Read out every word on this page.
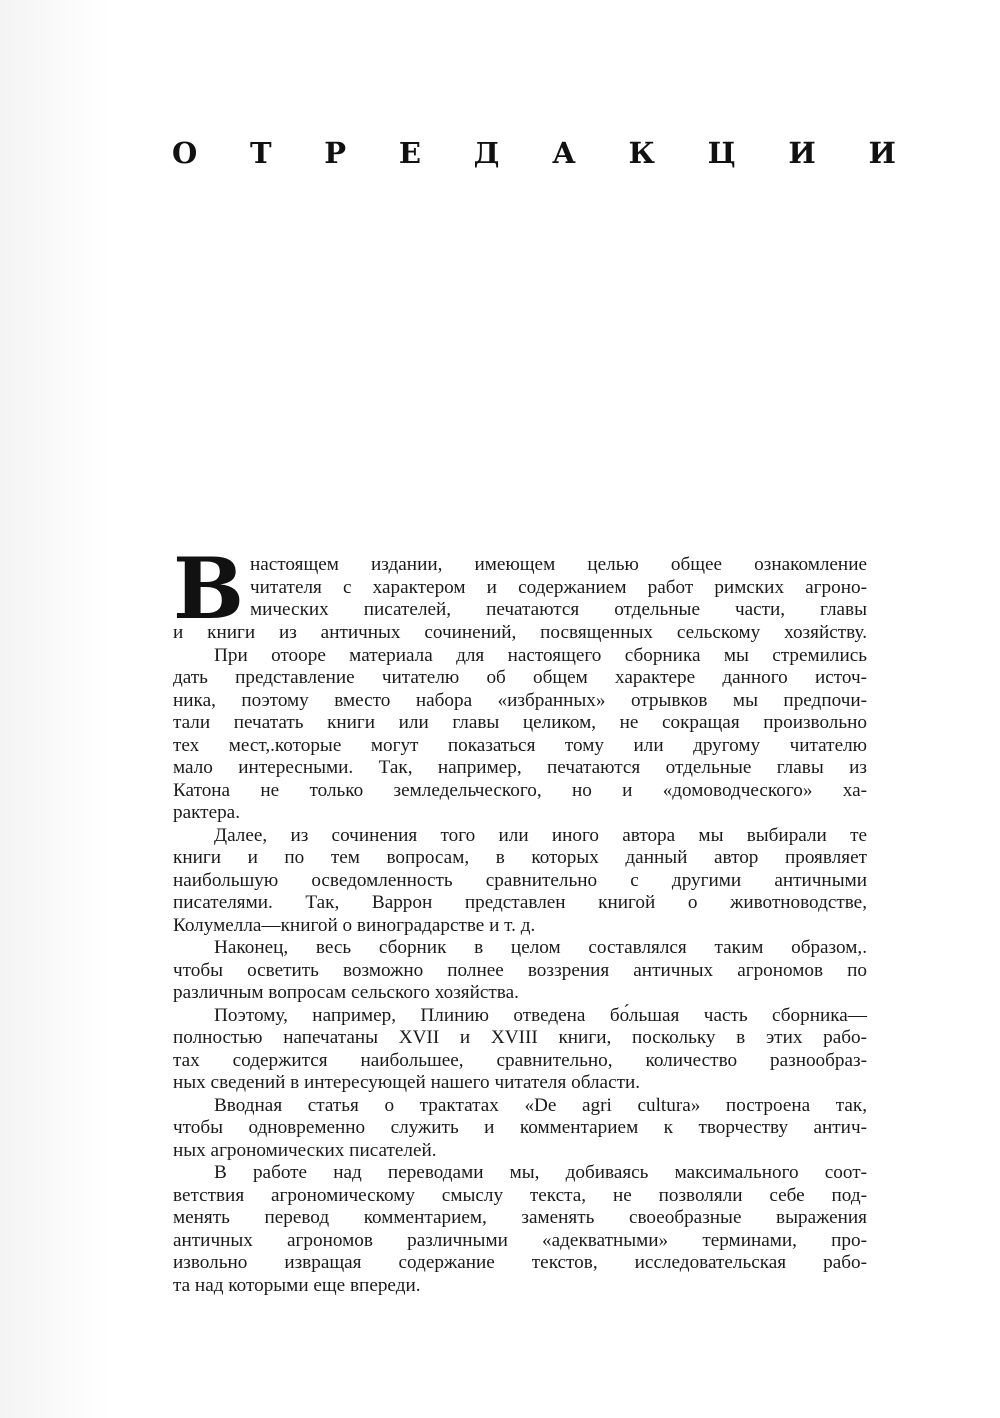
О Т Р Е Д А К Ц И И
В настоящем издании, имеющем целью общее ознакомление
читателя с характером и содержанием работ римских агроно-
мических писателей, печатаются отдельные части, главы
и книги из античных сочинений, посвященных сельскому хозяйству.
При отооре материала для настоящего сборника мы стремились
дать представление читателю об общем характере данного источ-
ника, поэтому вместо набора «избранных» отрывков мы предпочи-
тали печатать книги или главы целиком, не сокращая произвольно
тех мест,.которые могут показаться тому или другому читателю
мало интересными. Так, например, печатаются отдельные главы из
Катона не только земледельческого, но и «домоводческого» ха-
рактера.
Далее, из сочинения того или иного автора мы выбирали те
книги и по тем вопросам, в которых данный автор проявляет
наибольшую осведомленность сравнительно с другими античными
писателями. Так, Варрон представлен книгой о животноводстве,
Колумелла—книгой о виноградарстве и т. д.
Наконец, весь сборник в целом составлялся таким образом,.
чтобы осветить возможно полнее воззрения античных агрономов по
различным вопросам сельского хозяйства.
Поэтому, например, Плинию отведена бо́льшая часть сборника—
полностью напечатаны XVII и XVIII книги, поскольку в этих рабо-
тах содержится наибольшее, сравнительно, количество разнообраз-
ных сведений в интересующей нашего читателя области.
Вводная статья о трактатах «De agri cultura» построена так,
чтобы одновременно служить и комментарием к творчеству антич-
ных агрономических писателей.
В работе над переводами мы, добиваясь максимального соот-
ветствия агрономическому смыслу текста, не позволяли себе под-
менять перевод комментарием, заменять своеобразные выражения
античных агрономов различными «адекватными» терминами, про-
извольно извращая содержание текстов, исследовательская рабо-
та над которыми еще впереди.
